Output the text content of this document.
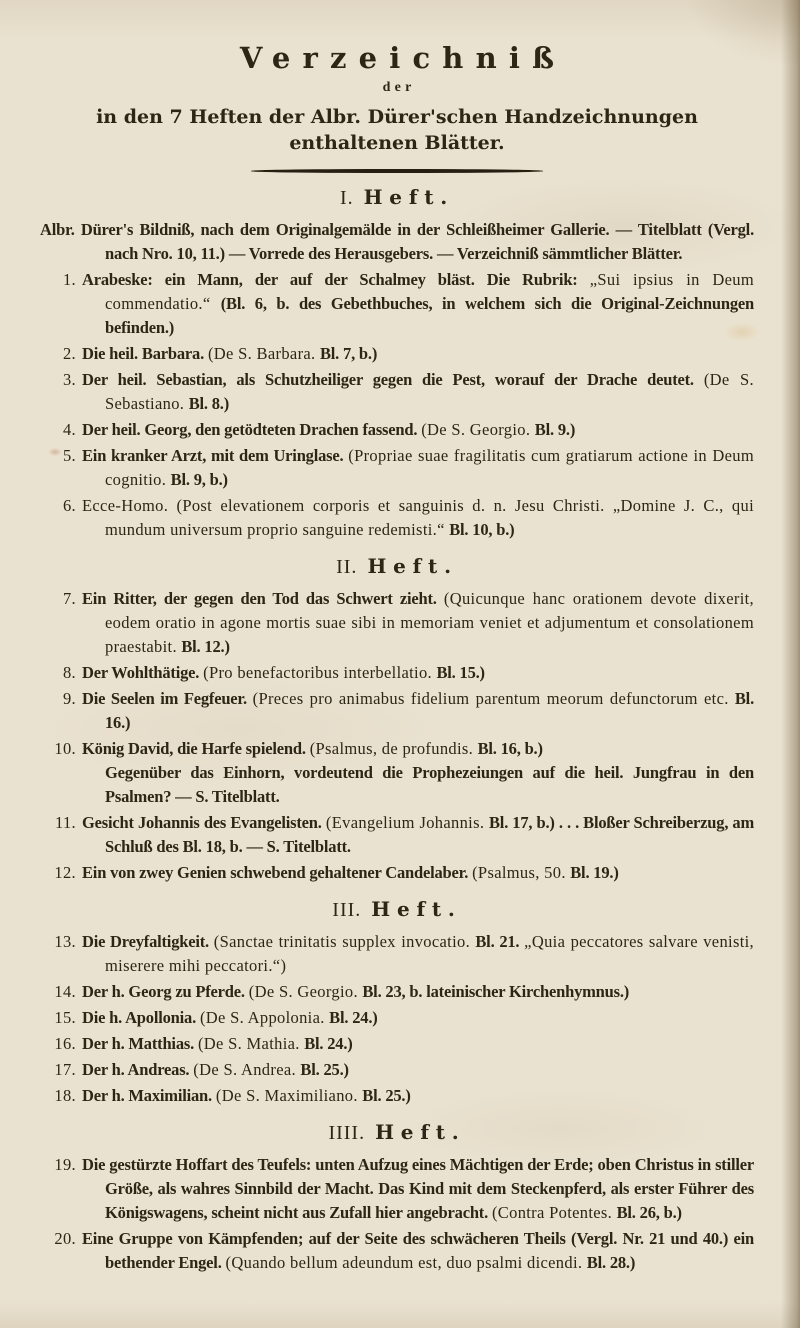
Verzeichniß
der
in den 7 Heften der Albr. Dürer'schen Handzeichnungen enthaltenen Blätter.
I. Heft.

Albr. Dürer's Bildniß, nach dem Originalgemälde in der Schleißheimer Gallerie. — Titelblatt (Vergl. nach Nro. 10, 11.) — Vorrede des Herausgebers. — Verzeichniß sämmtlicher Blätter.

1. Arabeske: ein Mann, der auf der Schalmey bläst. Die Rubrik: „Sui ipsius in Deum commendatio.“ (Bl. 6, b. des Gebethbuches, in welchem sich die Original-Zeichnungen befinden.)
2. Die heil. Barbara. (De S. Barbara. Bl. 7, b.)
3. Der heil. Sebastian, als Schutzheiliger gegen die Pest, worauf der Drache deutet. (De S. Sebastiano. Bl. 8.)
4. Der heil. Georg, den getödteten Drachen fassend. (De S. Georgio. Bl. 9.)
5. Ein kranker Arzt, mit dem Uringlase. (Propriae suae fragilitatis cum gratiarum actione in Deum cognitio. Bl. 9, b.)
6. Ecce-Homo. (Post elevationem corporis et sanguinis d. n. Jesu Christi. „Domine J. C., qui mundum universum proprio sanguine redemisti.“ Bl. 10, b.)
II. Heft.
7. Ein Ritter, der gegen den Tod das Schwert zieht. (Quicunque hanc orationem devote dixerit, eodem oratio in agone mortis suae sibi in memoriam veniet et adjumentum et consolationem praestabit. Bl. 12.)
8. Der Wohlthätige. (Pro benefactoribus interbellatio. Bl. 15.)
9. Die Seelen im Fegfeuer. (Preces pro animabus fidelium parentum meorum defunctorum etc. Bl. 16.)
10. König David, die Harfe spielend. (Psalmus, de profundis. Bl. 16, b.)
Gegenüber das Einhorn, vordeutend die Prophezeiungen auf die heil. Jungfrau in den Psalmen? — S. Titelblatt.
11. Gesicht Johannis des Evangelisten. (Evangelium Johannis. Bl. 17, b.) . . . Bloßer Schreiberzug, am Schluß des Bl. 18, b. — S. Titelblatt.
12. Ein von zwey Genien schwebend gehaltener Candelaber. (Psalmus, 50. Bl. 19.)
III. Heft.
13. Die Dreyfaltigkeit. (Sanctae trinitatis supplex invocatio. Bl. 21. „Quia peccatores salvare venisti, miserere mihi peccatori.“)
14. Der h. Georg zu Pferde. (De S. Georgio. Bl. 23, b. lateinischer Kirchenhymnus.)
15. Die h. Apollonia. (De S. Appolonia. Bl. 24.)
16. Der h. Matthias. (De S. Mathia. Bl. 24.)
17. Der h. Andreas. (De S. Andrea. Bl. 25.)
18. Der h. Maximilian. (De S. Maximiliano. Bl. 25.)
IIII. Heft.
19. Die gestürzte Hoffart des Teufels: unten Aufzug eines Mächtigen der Erde; oben Christus in stiller Größe, als wahres Sinnbild der Macht. Das Kind mit dem Steckenpferd, als erster Führer des Königswagens, scheint nicht aus Zufall hier angebracht. (Contra Potentes. Bl. 26, b.)
20. Eine Gruppe von Kämpfenden; auf der Seite des schwächeren Theils (Vergl. Nr. 21 und 40.) ein bethender Engel. (Quando bellum adeundum est, duo psalmi dicendi. Bl. 28.)
